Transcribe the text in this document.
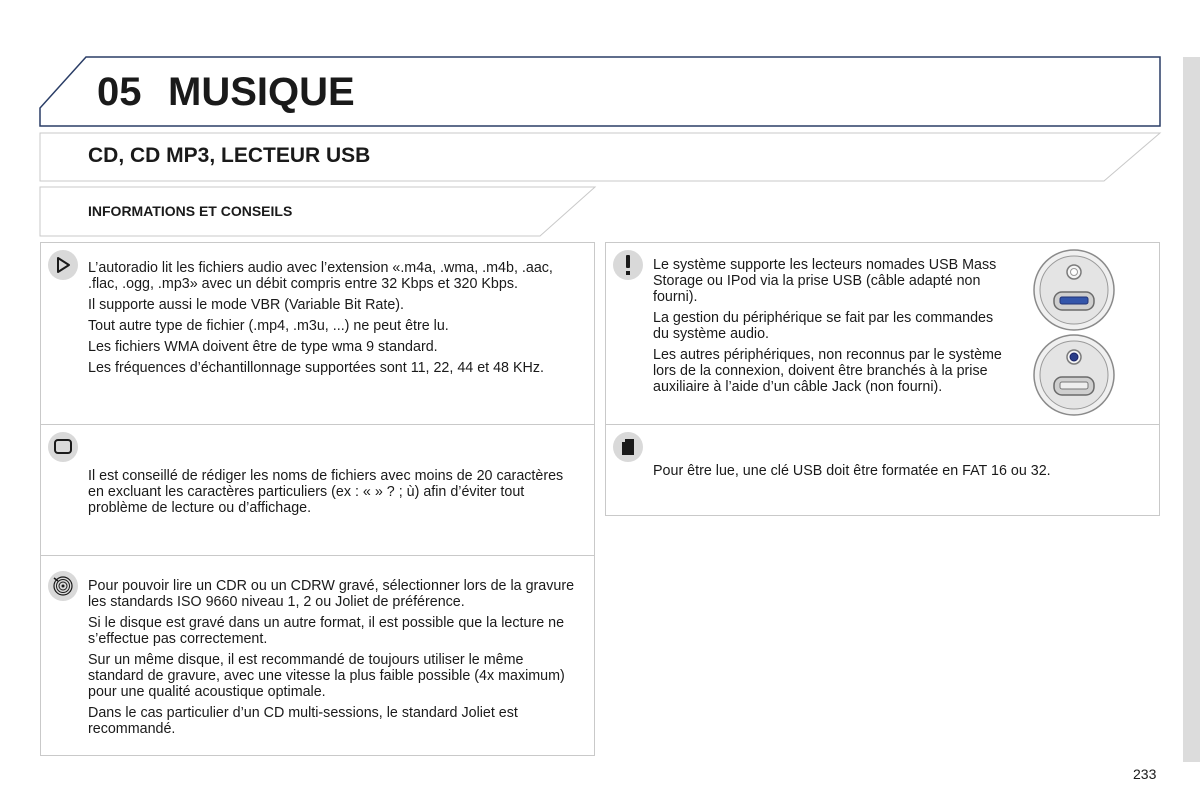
05 MUSIQUE
CD, CD MP3, LECTEUR USB
INFORMATIONS ET CONSEILS

L’autoradio lit les fichiers audio avec l’extension «.m4a, .wma, .m4b, .aac, .flac, .ogg, .mp3» avec un débit compris entre 32 Kbps et 320 Kbps.

Il supporte aussi le mode VBR (Variable Bit Rate).

Tout autre type de fichier (.mp4, .m3u, ...) ne peut être lu.

Les fichiers WMA doivent être de type wma 9 standard.

Les fréquences d’échantillonnage supportées sont 11, 22, 44 et 48 KHz.

Il est conseillé de rédiger les noms de fichiers avec moins de 20 caractères en excluant les caractères particuliers (ex : « » ? ; ù) afin d’éviter tout problème de lecture ou d’affichage.

Pour pouvoir lire un CDR ou un CDRW gravé, sélectionner lors de la gravure les standards ISO 9660 niveau 1, 2 ou Joliet de préférence.

Si le disque est gravé dans un autre format, il est possible que la lecture ne s’effectue pas correctement.

Sur un même disque, il est recommandé de toujours utiliser le même standard de gravure, avec une vitesse la plus faible possible (4x maximum) pour une qualité acoustique optimale.

Dans le cas particulier d’un CD multi-sessions, le standard Joliet est recommandé.

Le système supporte les lecteurs nomades USB Mass Storage ou IPod via la prise USB (câble adapté non fourni).

La gestion du périphérique se fait par les commandes du système audio.

Les autres périphériques, non reconnus par le système lors de la connexion, doivent être branchés à la prise auxiliaire à l’aide d’un câble Jack (non fourni).

Pour être lue, une clé USB doit être formatée en FAT 16 ou 32.

233
